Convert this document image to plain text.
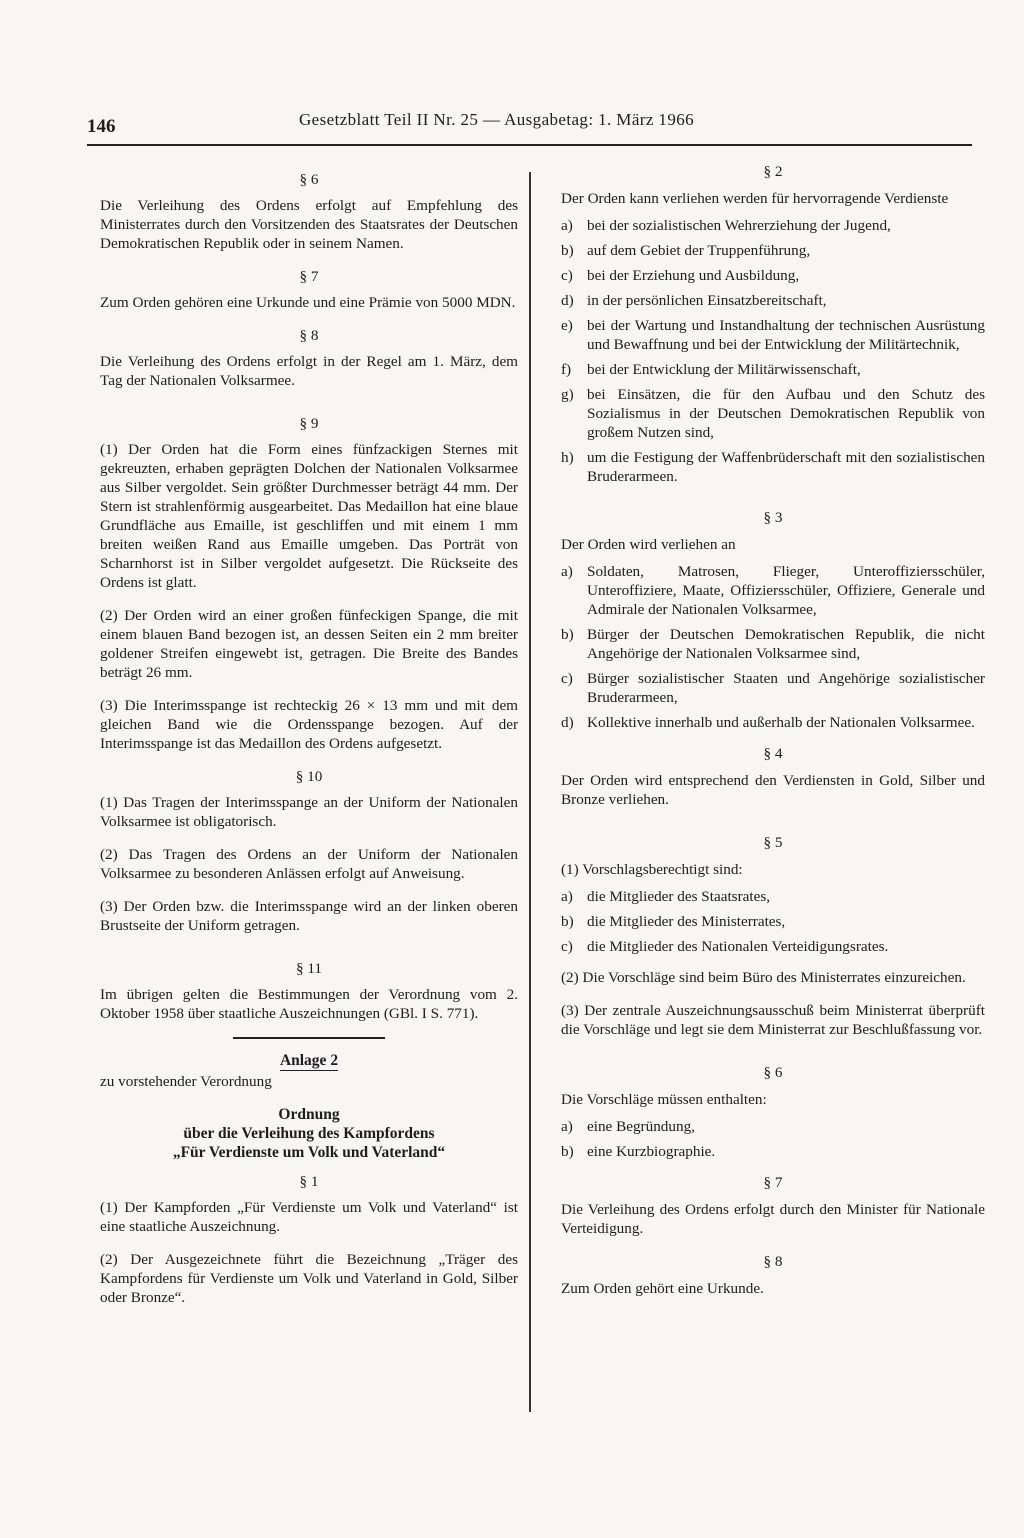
146	Gesetzblatt Teil II Nr. 25 — Ausgabetag: 1. März 1966
§ 6
Die Verleihung des Ordens erfolgt auf Empfehlung des Ministerrates durch den Vorsitzenden des Staatsrates der Deutschen Demokratischen Republik oder in seinem Namen.
§ 7
Zum Orden gehören eine Urkunde und eine Prämie von 5000 MDN.
§ 8
Die Verleihung des Ordens erfolgt in der Regel am 1. März, dem Tag der Nationalen Volksarmee.
§ 9
(1) Der Orden hat die Form eines fünfzackigen Sternes mit gekreuzten, erhaben geprägten Dolchen der Nationalen Volksarmee aus Silber vergoldet. Sein größter Durchmesser beträgt 44 mm. Der Stern ist strahlenförmig ausgearbeitet. Das Medaillon hat eine blaue Grundfläche aus Emaille, ist geschliffen und mit einem 1 mm breiten weißen Rand aus Emaille umgeben. Das Porträt von Scharnhorst ist in Silber vergoldet aufgesetzt. Die Rückseite des Ordens ist glatt.
(2) Der Orden wird an einer großen fünfeckigen Spange, die mit einem blauen Band bezogen ist, an dessen Seiten ein 2 mm breiter goldener Streifen eingewebt ist, getragen. Die Breite des Bandes beträgt 26 mm.
(3) Die Interimsspange ist rechteckig 26 × 13 mm und mit dem gleichen Band wie die Ordensspange bezogen. Auf der Interimsspange ist das Medaillon des Ordens aufgesetzt.
§ 10
(1) Das Tragen der Interimsspange an der Uniform der Nationalen Volksarmee ist obligatorisch.
(2) Das Tragen des Ordens an der Uniform der Nationalen Volksarmee zu besonderen Anlässen erfolgt auf Anweisung.
(3) Der Orden bzw. die Interimsspange wird an der linken oberen Brustseite der Uniform getragen.
§ 11
Im übrigen gelten die Bestimmungen der Verordnung vom 2. Oktober 1958 über staatliche Auszeichnungen (GBl. I S. 771).
Anlage 2
zu vorstehender Verordnung
Ordnung
über die Verleihung des Kampfordens
„Für Verdienste um Volk und Vaterland“
§ 1
(1) Der Kampforden „Für Verdienste um Volk und Vaterland“ ist eine staatliche Auszeichnung.
(2) Der Ausgezeichnete führt die Bezeichnung „Träger des Kampfordens für Verdienste um Volk und Vaterland in Gold, Silber oder Bronze“.
§ 2
Der Orden kann verliehen werden für hervorragende Verdienste
a) bei der sozialistischen Wehrerziehung der Jugend,
b) auf dem Gebiet der Truppenführung,
c) bei der Erziehung und Ausbildung,
d) in der persönlichen Einsatzbereitschaft,
e) bei der Wartung und Instandhaltung der technischen Ausrüstung und Bewaffnung und bei der Entwicklung der Militärtechnik,
f)	bei der Entwicklung der Militärwissenschaft,
g) bei Einsätzen, die für den Aufbau und den Schutz des Sozialismus in der Deutschen Demokratischen Republik von großem Nutzen sind,
h) um die Festigung der Waffenbrüderschaft mit den sozialistischen Bruderarmeen.
§ 3
Der Orden wird verliehen an
a) Soldaten, Matrosen, Flieger, Unteroffiziersschüler, Unteroffiziere, Maate, Offiziersschüler, Offiziere, Generale und Admirale der Nationalen Volksarmee,
b) Bürger der Deutschen Demokratischen Republik, die nicht Angehörige der Nationalen Volksarmee sind,
c) Bürger sozialistischer Staaten und Angehörige sozialistischer Bruderarmeen,
d) Kollektive innerhalb und außerhalb der Nationalen Volksarmee.
§ 4
Der Orden wird entsprechend den Verdiensten in Gold, Silber und Bronze verliehen.
§ 5
(1) Vorschlagsberechtigt sind:
a) die Mitglieder des Staatsrates,
b) die Mitglieder des Ministerrates,
c) die Mitglieder des Nationalen Verteidigungsrates.
(2) Die Vorschläge sind beim Büro des Ministerrates einzureichen.
(3) Der zentrale Auszeichnungsausschuß beim Ministerrat überprüft die Vorschläge und legt sie dem Ministerrat zur Beschlußfassung vor.
§ 6
Die Vorschläge müssen enthalten:
a) eine Begründung,
b) eine Kurzbiographie.
§ 7
Die Verleihung des Ordens erfolgt durch den Minister für Nationale Verteidigung.
§ 8
Zum Orden gehört eine Urkunde.
